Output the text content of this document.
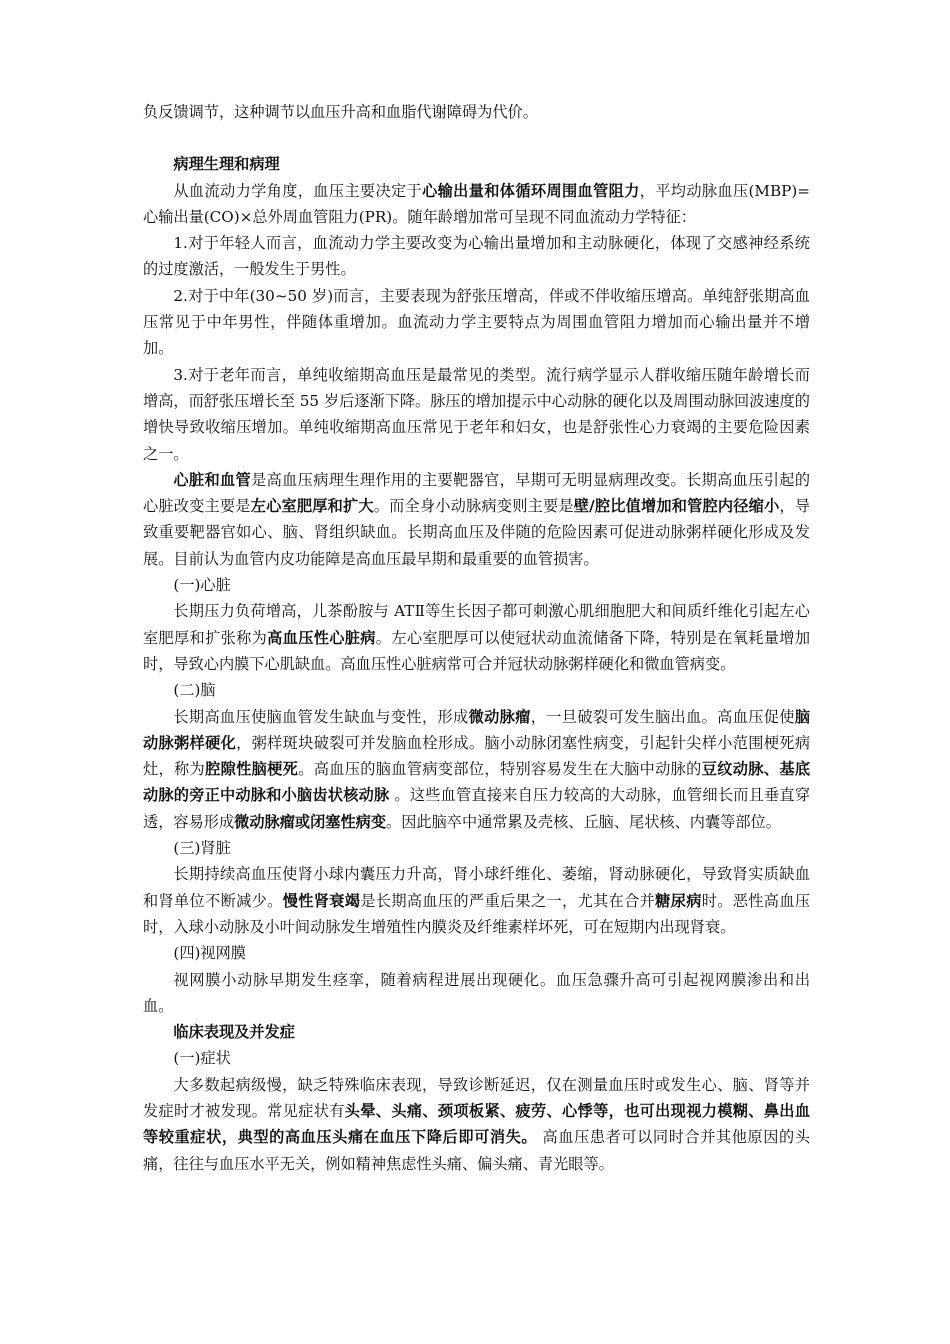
负反馈调节，这种调节以血压升高和血脂代谢障碍为代价。

病理生理和病理

从血流动力学角度，血压主要决定于心输出量和体循环周围血管阻力，平均动脉血压(MBP)=心输出量(CO)×总外周血管阻力(PR)。随年龄增加常可呈现不同血流动力学特征：

1.对于年轻人而言，血流动力学主要改变为心输出量增加和主动脉硬化，体现了交感神经系统的过度激活，一般发生于男性。

2.对于中年(30~50 岁)而言，主要表现为舒张压增高，伴或不伴收缩压增高。单纯舒张期高血压常见于中年男性，伴随体重增加。血流动力学主要特点为周围血管阻力增加而心输出量并不增加。

3.对于老年而言，单纯收缩期高血压是最常见的类型。流行病学显示人群收缩压随年龄增长而增高，而舒张压增长至 55 岁后逐渐下降。脉压的增加提示中心动脉的硬化以及周围动脉回波速度的增快导致收缩压增加。单纯收缩期高血压常见于老年和妇女，也是舒张性心力衰竭的主要危险因素之一。

心脏和血管是高血压病理生理作用的主要靶器官，早期可无明显病理改变。长期高血压引起的心脏改变主要是左心室肥厚和扩大。而全身小动脉病变则主要是壁/腔比值增加和管腔内径缩小，导致重要靶器官如心、脑、肾组织缺血。长期高血压及伴随的危险因素可促进动脉粥样硬化形成及发展。目前认为血管内皮功能障是高血压最早期和最重要的血管损害。

(一)心脏

长期压力负荷增高，儿茶酚胺与 ATⅡ等生长因子都可刺激心肌细胞肥大和间质纤维化引起左心室肥厚和扩张称为高血压性心脏病。左心室肥厚可以使冠状动血流储备下降，特别是在氧耗量增加时，导致心内膜下心肌缺血。高血压性心脏病常可合并冠状动脉粥样硬化和微血管病变。

(二)脑

长期高血压使脑血管发生缺血与变性，形成微动脉瘤，一旦破裂可发生脑出血。高血压促使脑动脉粥样硬化，粥样斑块破裂可并发脑血栓形成。脑小动脉闭塞性病变，引起针尖样小范围梗死病灶，称为腔隙性脑梗死。高血压的脑血管病变部位，特别容易发生在大脑中动脉的豆纹动脉、基底动脉的旁正中动脉和小脑齿状核动脉 。这些血管直接来自压力较高的大动脉，血管细长而且垂直穿透，容易形成微动脉瘤或闭塞性病变。因此脑卒中通常累及壳核、丘脑、尾状核、内囊等部位。

(三)肾脏

长期持续高血压使肾小球内囊压力升高，肾小球纤维化、萎缩，肾动脉硬化，导致肾实质缺血和肾单位不断减少。慢性肾衰竭是长期高血压的严重后果之一，尤其在合并糖尿病时。恶性高血压时，入球小动脉及小叶间动脉发生增殖性内膜炎及纤维素样坏死，可在短期内出现肾衰。

(四)视网膜

视网膜小动脉早期发生痉挛，随着病程进展出现硬化。血压急骤升高可引起视网膜渗出和出血。

临床表现及并发症

(一)症状

大多数起病级慢，缺乏特殊临床表现，导致诊断延迟，仅在测量血压时或发生心、脑、肾等并发症时才被发现。常见症状有头晕、头痛、颈项板紧、疲劳、心悸等，也可出现视力模糊、鼻出血等较重症状，典型的高血压头痛在血压下降后即可消失。 高血压患者可以同时合并其他原因的头痛，往往与血压水平无关，例如精神焦虑性头痛、偏头痛、青光眼等。
